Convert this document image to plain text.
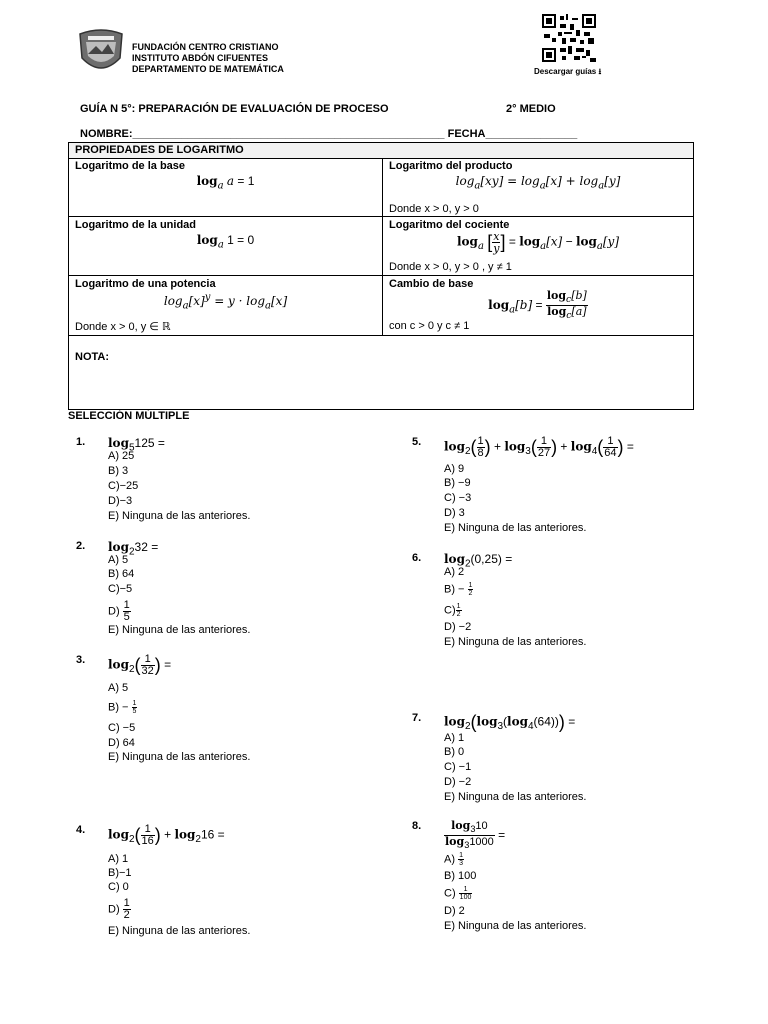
FUNDACIÓN CENTRO CRISTIANO
INSTITUTO ABDÓN CIFUENTES
DEPARTAMENTO DE MATEMÁTICA	Descargar guías ⭳
GUÍA N 5°: PREPARACIÓN DE EVALUACIÓN DE PROCESO	2° MEDIO
NOMBRE:___________________________________________________ FECHA_______________
PROPIEDADES DE LOGARITMO
Logaritmo de la base
$\log_a a = 1$
Logaritmo del producto
$\log_a[xy] = \log_a[x] + \log_a[y]$
Donde x > 0, y > 0
Logaritmo de la unidad
$\log_a 1 = 0$
Logaritmo del cociente
$\log_a$ [ $\frac{x}{y}$ ] = $\log_a[x] - \log_a[y]$
Donde x > 0, y > 0 , y ≠ 1
Logaritmo de una potencia
$\log_a[x]^y = y \cdot \log_a[x]$
Donde x > 0, y ∈ ℝ
Cambio de base
$\log_a[b] = \frac{\log_c[b]}{\log_c[a]}$
con c > 0 y c ≠ 1
NOTA:
SELECCIÓN MÚLTIPLE
1. $\log_5125$ =
A) 25
B) 3
C)−25
D)−3
E) Ninguna de las anteriores.
2. $\log_232$ =
A) 5
B) 64
C)−5
$D) \frac{1}{5}$
E) Ninguna de las anteriores.
3. $\log_2( \frac{1}{32}$ ) =
A) 5
$B) - \frac{1}{5}$
C) −5
D) 64
E) Ninguna de las anteriores.
4. $\log_2( \frac{1}{16}$ ) + $\log_216$ =
A) 1
B)−1
C) 0
$D) \frac{1}{2}$
E) Ninguna de las anteriores.
5. $\log_2( \frac{1}{8}$ ) + $\log_3( \frac{1}{27}$ ) + $\log_4( \frac{1}{64}$ ) =
A) 9
B) −9
C) −3
D) 3
E) Ninguna de las anteriores.
6. $\log_2(0,25)$ =
A) 2
$B) - \frac{1}{2}$
$C) \frac{1}{2}$
D) −2
E) Ninguna de las anteriores.
7. $\log_2(\log_3(\log_4(64)))$ =
A) 1
B) 0
C) −1
D) −2
E) Ninguna de las anteriores.
8. $\frac{\log_310}{\log_31000}$ =
$A) \frac{1}{3}$
B) 100
$C) \frac{1}{100}$
D) 2
E) Ninguna de las anteriores.
